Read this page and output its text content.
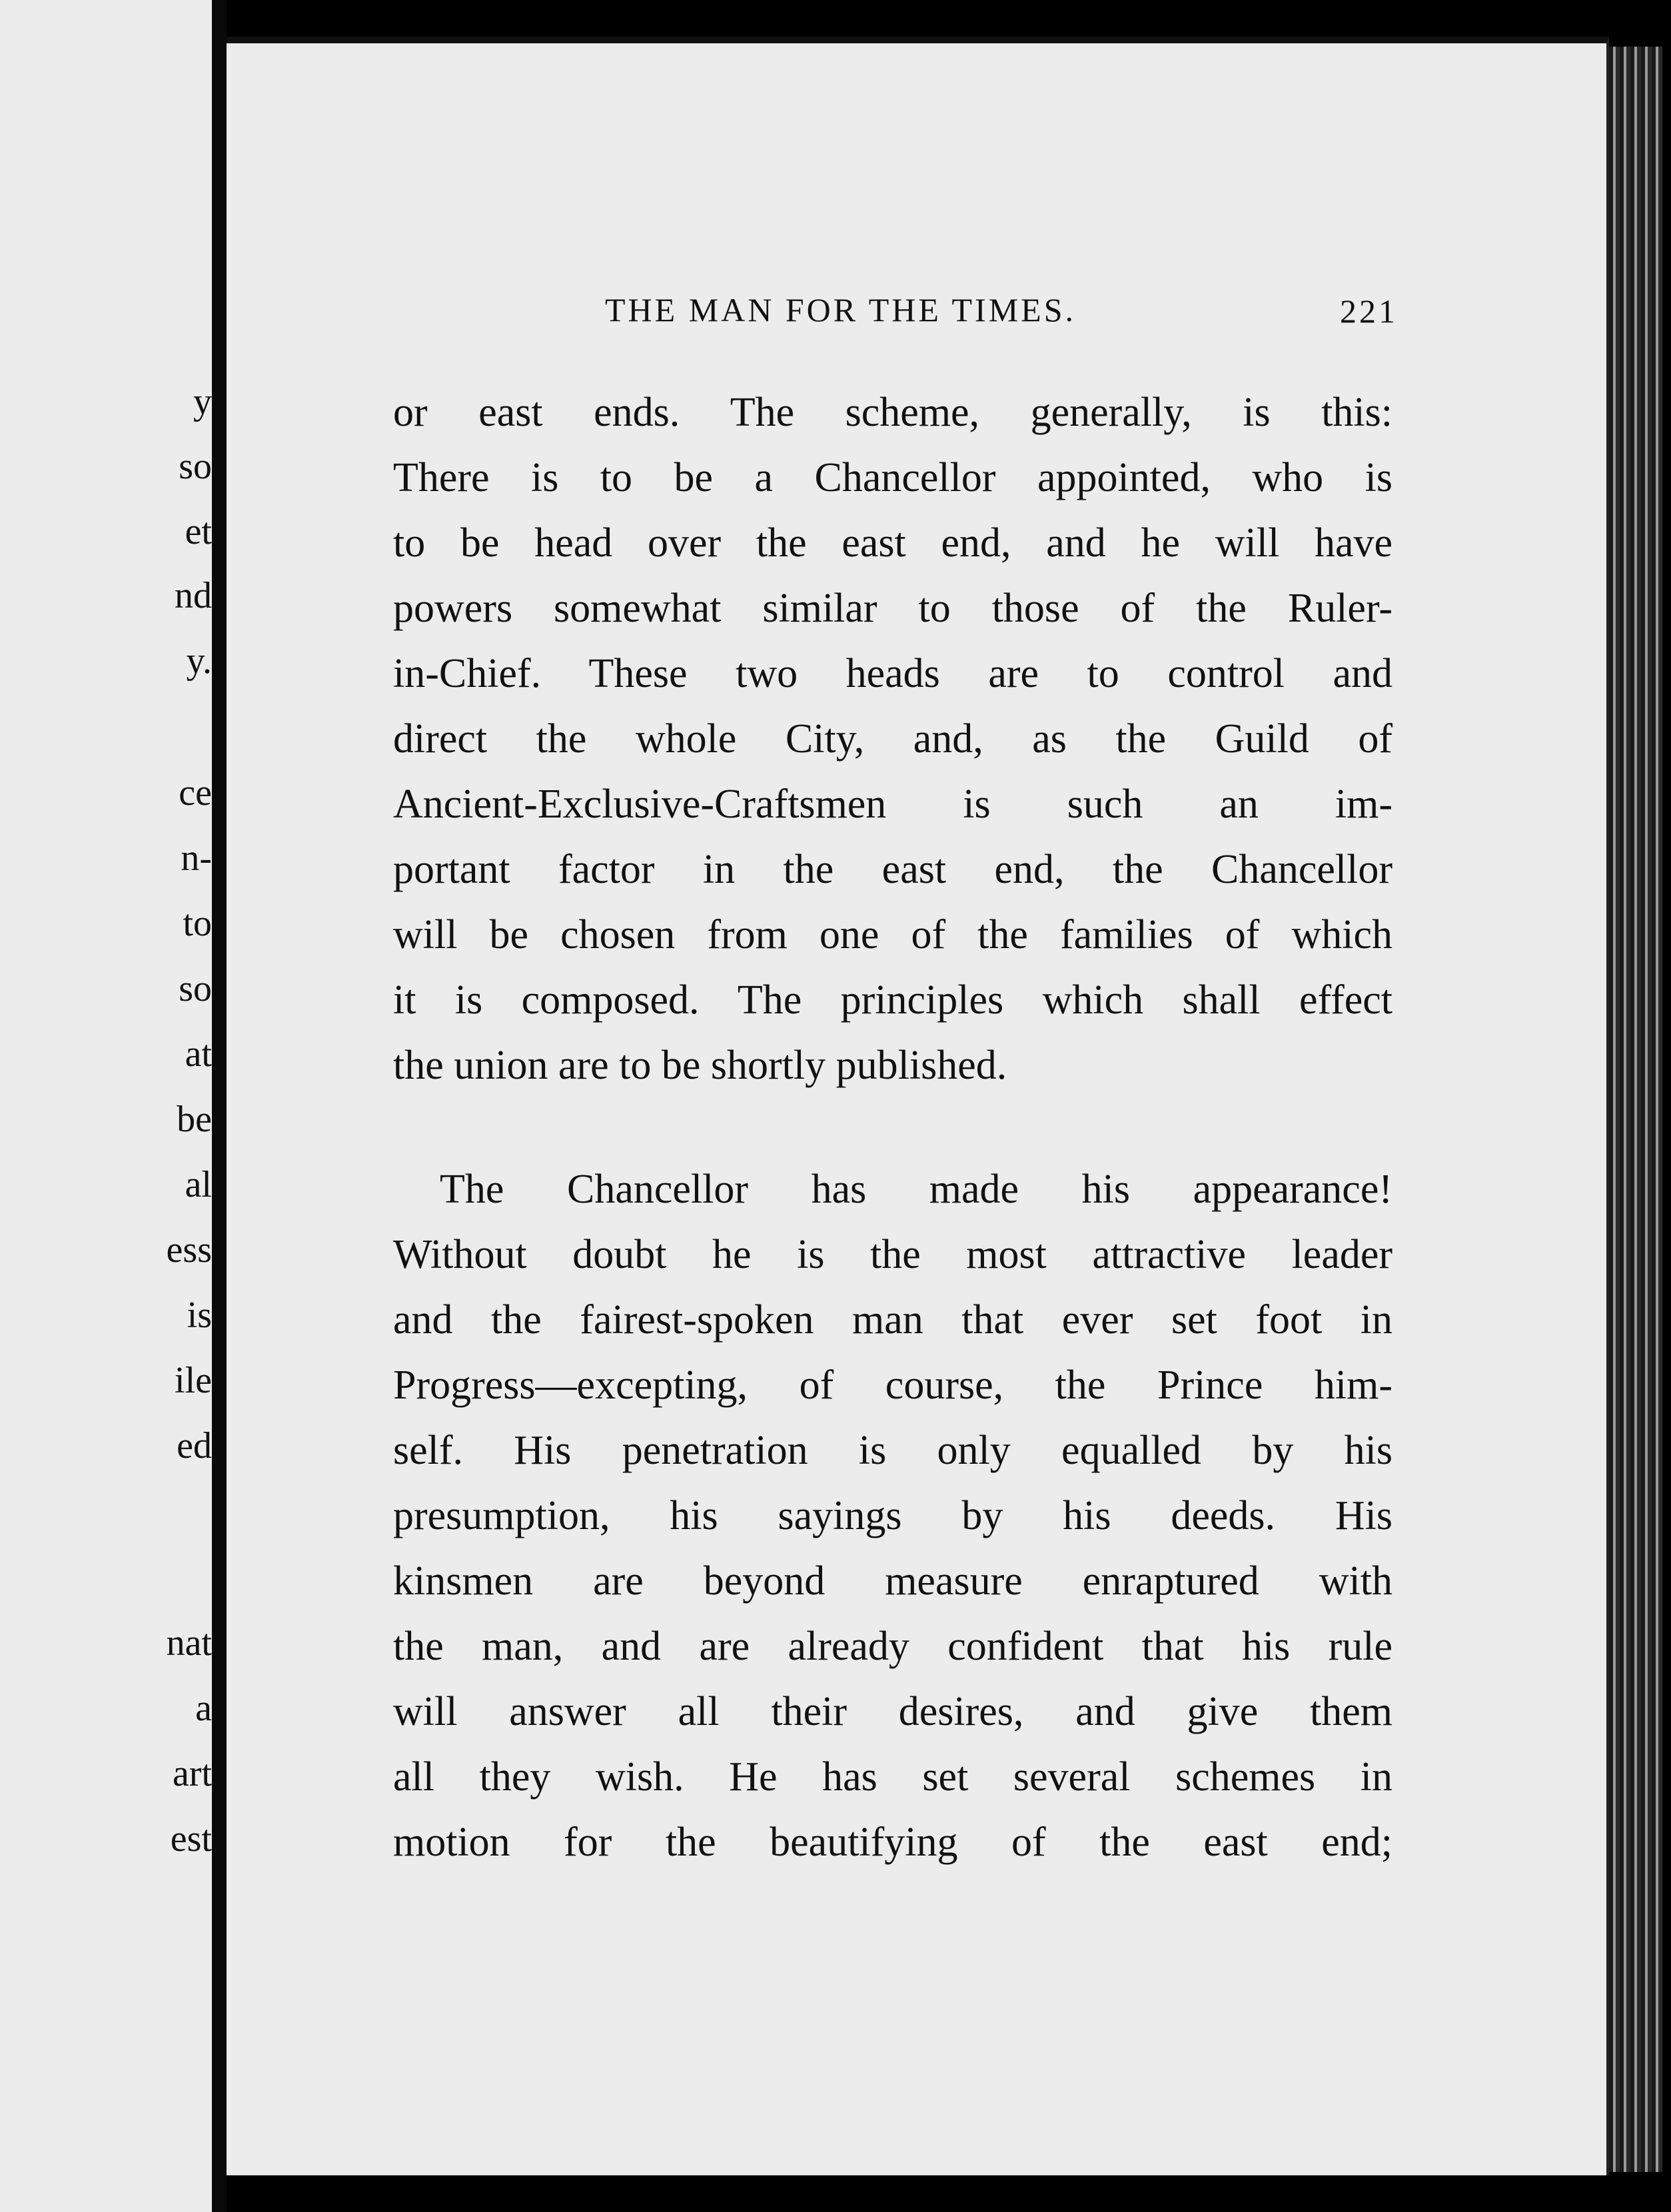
y
so
et
nd
y.
ce
n-
to
so
at
be
al
ess
is
ile
ed
nat
a
art
est
THE MAN FOR THE TIMES.	221
or east ends. The scheme, generally, is this:
There is to be a Chancellor appointed, who is
to be head over the east end, and he will have
powers somewhat similar to those of the Ruler-
in-Chief. These two heads are to control and
direct the whole City, and, as the Guild of
Ancient-Exclusive-Craftsmen is such an im-
portant factor in the east end, the Chancellor
will be chosen from one of the families of which
it is composed. The principles which shall effect
the union are to be shortly published.
The Chancellor has made his appearance!
Without doubt he is the most attractive leader
and the fairest-spoken man that ever set foot in
Progress—excepting, of course, the Prince him-
self. His penetration is only equalled by his
presumption, his sayings by his deeds. His
kinsmen are beyond measure enraptured with
the man, and are already confident that his rule
will answer all their desires, and give them
all they wish. He has set several schemes in
motion for the beautifying of the east end;
